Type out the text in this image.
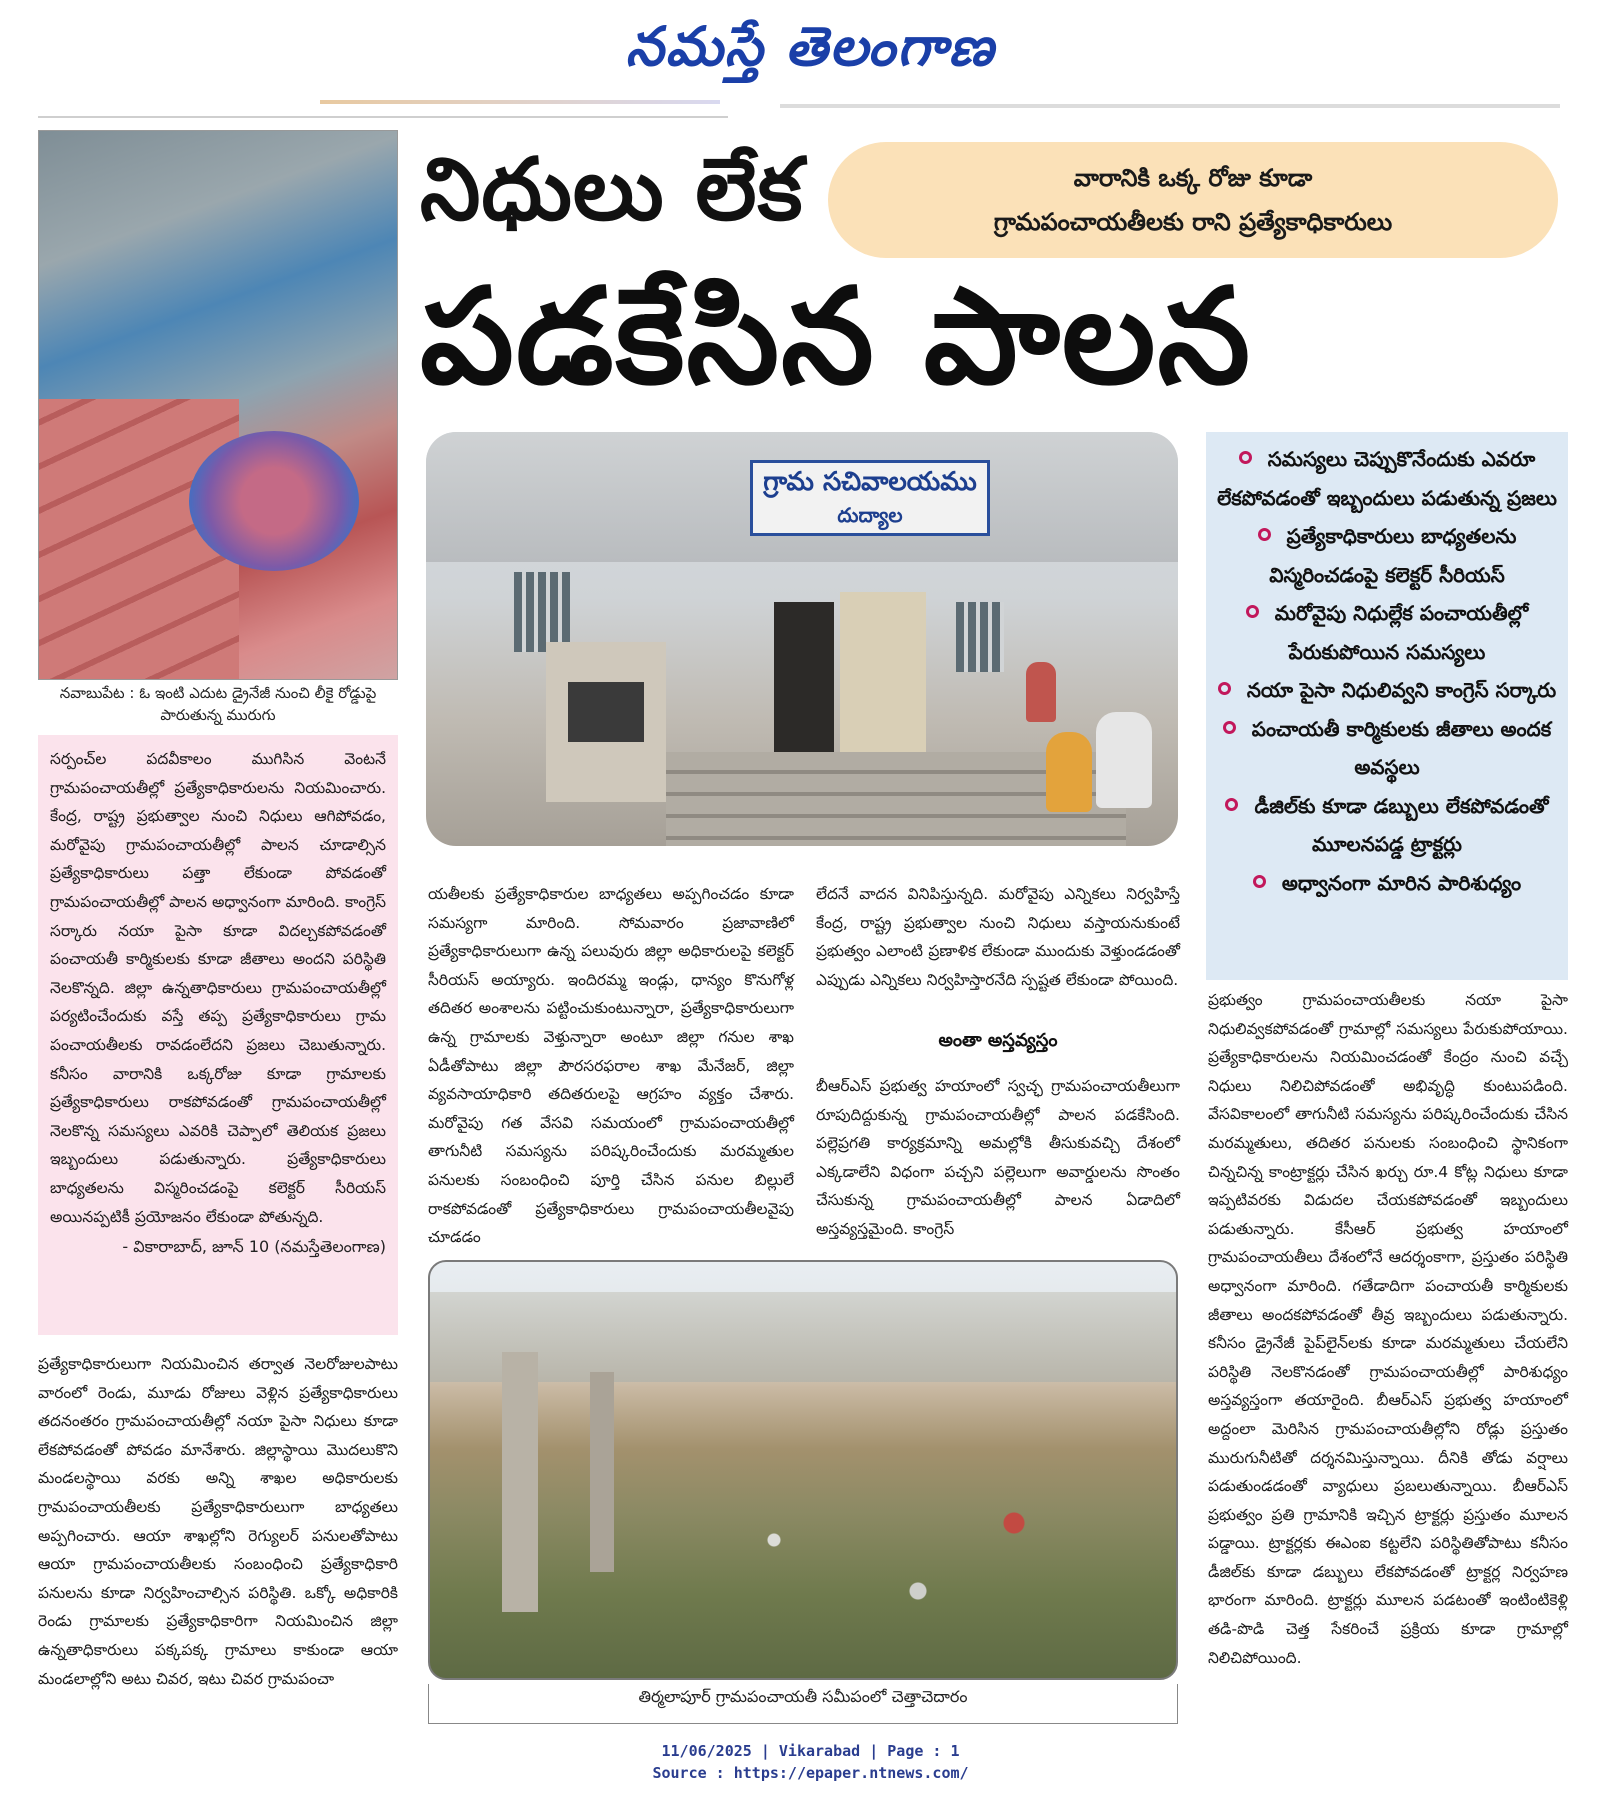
నమస్తే తెలంగాణ
నవాబుపేట : ఓ ఇంటి ఎదుట డ్రైనేజీ నుంచి లీకై రోడ్డుపై పారుతున్న మురుగు
సర్పంచ్‌ల పదవీకాలం ముగిసిన వెంటనే గ్రామపంచాయతీల్లో ప్రత్యేకాధికారులను నియమించారు. కేంద్ర, రాష్ట్ర ప్రభుత్వాల నుంచి నిధులు ఆగిపోవడం, మరోవైపు గ్రామపంచాయతీల్లో పాలన చూడాల్సిన ప్రత్యేకాధికారులు పత్తా లేకుండా పోవడంతో గ్రామపంచాయతీల్లో పాలన అధ్వానంగా మారింది. కాంగ్రెస్ సర్కారు నయా పైసా కూడా విదల్చకపోవడంతో పంచాయతీ కార్మికులకు కూడా జీతాలు అందని పరిస్థితి నెలకొన్నది. జిల్లా ఉన్నతాధికారులు గ్రామపంచాయతీల్లో పర్యటించేందుకు వస్తే తప్ప ప్రత్యేకాధికారులు గ్రామ పంచాయతీలకు రావడంలేదని ప్రజలు చెబుతున్నారు. కనీసం వారానికి ఒక్కరోజు కూడా గ్రామాలకు ప్రత్యేకాధికారులు రాకపోవడంతో గ్రామపంచాయతీల్లో నెలకొన్న సమస్యలు ఎవరికి చెప్పాలో తెలియక ప్రజలు ఇబ్బందులు పడుతున్నారు. ప్రత్యేకాధికారులు బాధ్యతలను విస్మరించడంపై కలెక్టర్ సీరియస్ అయినప్పటికీ ప్రయోజనం లేకుండా పోతున్నది.
- వికారాబాద్, జూన్ 10 (నమస్తేతెలంగాణ)
ప్రత్యేకాధికారులుగా నియమించిన తర్వాత నెలరోజులపాటు వారంలో రెండు, మూడు రోజులు వెళ్లిన ప్రత్యేకాధికారులు తదనంతరం గ్రామపంచాయతీల్లో నయా పైసా నిధులు కూడా లేకపోవడంతో పోవడం మానేశారు. జిల్లాస్థాయి మొదలుకొని మండలస్థాయి వరకు అన్ని శాఖల అధికారులకు గ్రామపంచాయతీలకు ప్రత్యేకాధికారులుగా బాధ్యతలు అప్పగించారు. ఆయా శాఖల్లోని రెగ్యులర్ పనులతోపాటు ఆయా గ్రామపంచాయతీలకు సంబంధించి ప్రత్యేకాధికారి పనులను కూడా నిర్వహించాల్సిన పరిస్థితి. ఒక్కో అధికారికి రెండు గ్రామాలకు ప్రత్యేకాధికారిగా నియమించిన జిల్లా ఉన్నతాధికారులు పక్కపక్క గ్రామాలు కాకుండా ఆయా మండలాల్లోని అటు చివర, ఇటు చివర గ్రామపంచా
నిధులు లేక	వారానికి ఒక్క రోజు కూడా
గ్రామపంచాయతీలకు రాని ప్రత్యేకాధికారులు
పడకేసిన పాలన
గ్రామ సచివాలయము
దుద్యాల
సమస్యలు చెప్పుకొనేందుకు ఎవరూ లేకపోవడంతో ఇబ్బందులు పడుతున్న ప్రజలు
ప్రత్యేకాధికారులు బాధ్యతలను విస్మరించడంపై కలెక్టర్ సీరియస్
మరోవైపు నిధుల్లేక పంచాయతీల్లో పేరుకుపోయిన సమస్యలు
నయా పైసా నిధులివ్వని కాంగ్రెస్ సర్కారు
పంచాయతీ కార్మికులకు జీతాలు అందక అవస్థలు
డీజిల్‌కు కూడా డబ్బులు లేకపోవడంతో మూలనపడ్డ ట్రాక్టర్లు
అధ్వానంగా మారిన పారిశుధ్యం
యతీలకు ప్రత్యేకాధికారుల బాధ్యతలు అప్పగించడం కూడా సమస్యగా మారింది. సోమవారం ప్రజావాణిలో ప్రత్యేకాధికారులుగా ఉన్న పలువురు జిల్లా అధికారులపై కలెక్టర్ సీరియస్ అయ్యారు. ఇందిరమ్మ ఇండ్లు, ధాన్యం కొనుగోళ్ల తదితర అంశాలను పట్టించుకుంటున్నారా, ప్రత్యేకాధికారులుగా ఉన్న గ్రామాలకు వెళ్తున్నారా అంటూ జిల్లా గనుల శాఖ ఏడీతోపాటు జిల్లా పౌరసరఫరాల శాఖ మేనేజర్, జిల్లా వ్యవసాయాధికారి తదితరులపై ఆగ్రహం వ్యక్తం చేశారు. మరోవైపు గత వేసవి సమయంలో గ్రామపంచాయతీల్లో తాగునీటి సమస్యను పరిష్కరించేందుకు మరమ్మతుల పనులకు సంబంధించి పూర్తి చేసిన పనుల బిల్లులే రాకపోవడంతో ప్రత్యేకాధికారులు గ్రామపంచాయతీలవైపు చూడడం
లేదనే వాదన వినిపిస్తున్నది. మరోవైపు ఎన్నికలు నిర్వహిస్తే కేంద్ర, రాష్ట్ర ప్రభుత్వాల నుంచి నిధులు వస్తాయనుకుంటే ప్రభుత్వం ఎలాంటి ప్రణాళిక లేకుండా ముందుకు వెళ్తుండడంతో ఎప్పుడు ఎన్నికలు నిర్వహిస్తారనేది స్పష్టత లేకుండా పోయింది.
అంతా అస్తవ్యస్తం
బీఆర్‌ఎస్ ప్రభుత్వ హయాంలో స్వచ్ఛ గ్రామపంచాయతీలుగా రూపుదిద్దుకున్న గ్రామపంచాయతీల్లో పాలన పడకేసింది. పల్లెప్రగతి కార్యక్రమాన్ని అమల్లోకి తీసుకువచ్చి దేశంలో ఎక్కడాలేని విధంగా పచ్చని పల్లెలుగా అవార్డులను సొంతం చేసుకున్న గ్రామపంచాయతీల్లో పాలన ఏడాదిలో అస్తవ్యస్తమైంది. కాంగ్రెస్
ప్రభుత్వం గ్రామపంచాయతీలకు నయా పైసా నిధులివ్వకపోవడంతో గ్రామాల్లో సమస్యలు పేరుకుపోయాయి. ప్రత్యేకాధికారులను నియమించడంతో కేంద్రం నుంచి వచ్చే నిధులు నిలిచిపోవడంతో అభివృద్ధి కుంటుపడింది. వేసవికాలంలో తాగునీటి సమస్యను పరిష్కరించేందుకు చేసిన మరమ్మతులు, తదితర పనులకు సంబంధించి స్థానికంగా చిన్నచిన్న కాంట్రాక్టర్లు చేసిన ఖర్చు రూ.4 కోట్ల నిధులు కూడా ఇప్పటివరకు విడుదల చేయకపోవడంతో ఇబ్బందులు పడుతున్నారు. కేసీఆర్ ప్రభుత్వ హయాంలో గ్రామపంచాయతీలు దేశంలోనే ఆదర్శంకాగా, ప్రస్తుతం పరిస్థితి అధ్వానంగా మారింది. గతేడాదిగా పంచాయతీ కార్మికులకు జీతాలు అందకపోవడంతో తీవ్ర ఇబ్బందులు పడుతున్నారు. కనీసం డ్రైనేజీ పైప్‌లైన్‌లకు కూడా మరమ్మతులు చేయలేని పరిస్థితి నెలకొనడంతో గ్రామపంచాయతీల్లో పారిశుధ్యం అస్తవ్యస్తంగా తయారైంది. బీఆర్‌ఎస్ ప్రభుత్వ హయాంలో అద్దంలా మెరిసిన గ్రామపంచాయతీల్లోని రోడ్లు ప్రస్తుతం మురుగునీటితో దర్శనమిస్తున్నాయి. దీనికి తోడు వర్షాలు పడుతుండడంతో వ్యాధులు ప్రబలుతున్నాయి. బీఆర్‌ఎస్ ప్రభుత్వం ప్రతి గ్రామానికి ఇచ్చిన ట్రాక్టర్లు ప్రస్తుతం మూలన పడ్డాయి. ట్రాక్టర్లకు ఈఎంఐ కట్టలేని పరిస్థితితోపాటు కనీసం డీజిల్‌కు కూడా డబ్బులు లేకపోవడంతో ట్రాక్టర్ల నిర్వహణ భారంగా మారింది. ట్రాక్టర్లు మూలన పడటంతో ఇంటింటికెళ్లి తడి-పొడి చెత్త సేకరించే ప్రక్రియ కూడా గ్రామాల్లో నిలిచిపోయింది.
తిర్మలాపూర్ గ్రామపంచాయతీ సమీపంలో చెత్తాచెదారం
11/06/2025 | Vikarabad | Page : 1
Source : https://epaper.ntnews.com/
